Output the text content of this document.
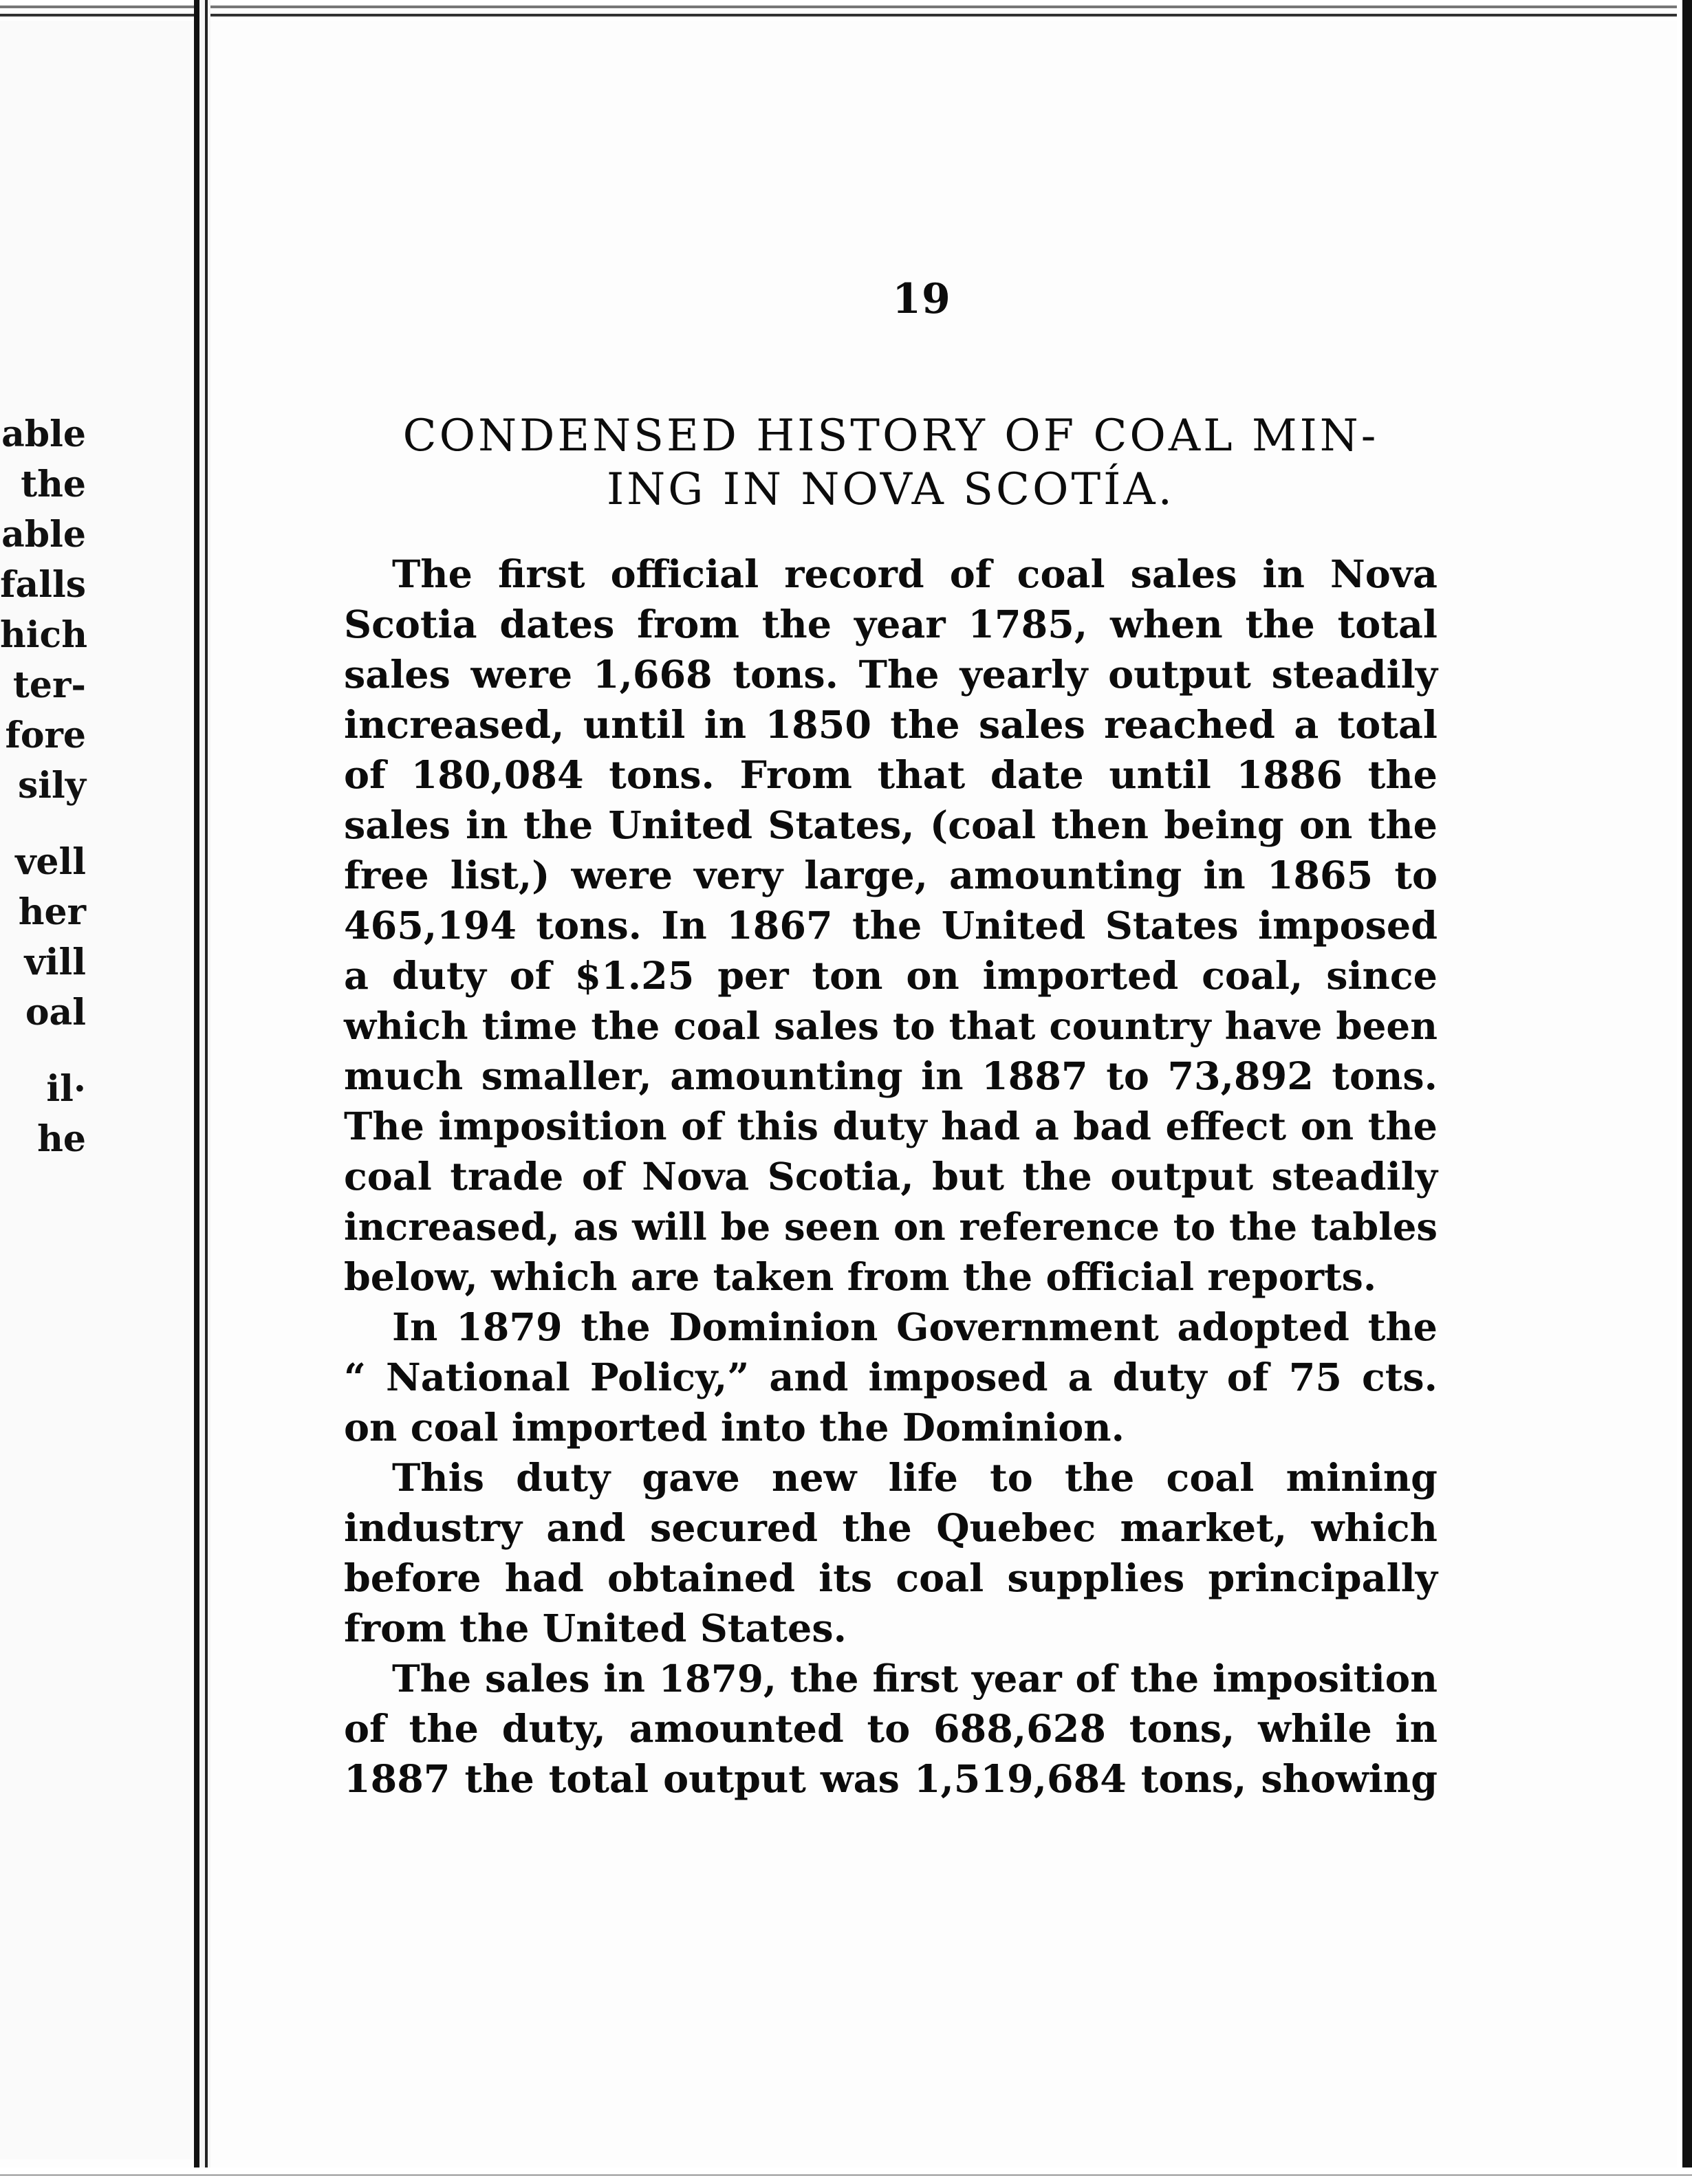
able
the
able
falls
hich
ter-
fore
sily
vell
her
vill
oal
il·
he
19
CONDENSED HISTORY OF COAL MIN-
ING IN NOVA SCOTÍA.
The first official record of coal sales in Nova
Scotia dates from the year 1785, when the total
sales were 1,668 tons. The yearly output steadily
increased, until in 1850 the sales reached a total
of 180,084 tons. From that date until 1886 the
sales in the United States, (coal then being on the
free list,) were very large, amounting in 1865 to
465,194 tons. In 1867 the United States imposed
a duty of $1.25 per ton on imported coal, since
which time the coal sales to that country have been
much smaller, amounting in 1887 to 73,892 tons.
The imposition of this duty had a bad effect on the
coal trade of Nova Scotia, but the output steadily
increased, as will be seen on reference to the tables
below, which are taken from the official reports.
In 1879 the Dominion Government adopted the
“ National Policy,” and imposed a duty of 75 cts.
on coal imported into the Dominion.
This duty gave new life to the coal mining
industry and secured the Quebec market, which
before had obtained its coal supplies principally
from the United States.
The sales in 1879, the first year of the imposition
of the duty, amounted to 688,628 tons, while in
1887 the total output was 1,519,684 tons, showing
